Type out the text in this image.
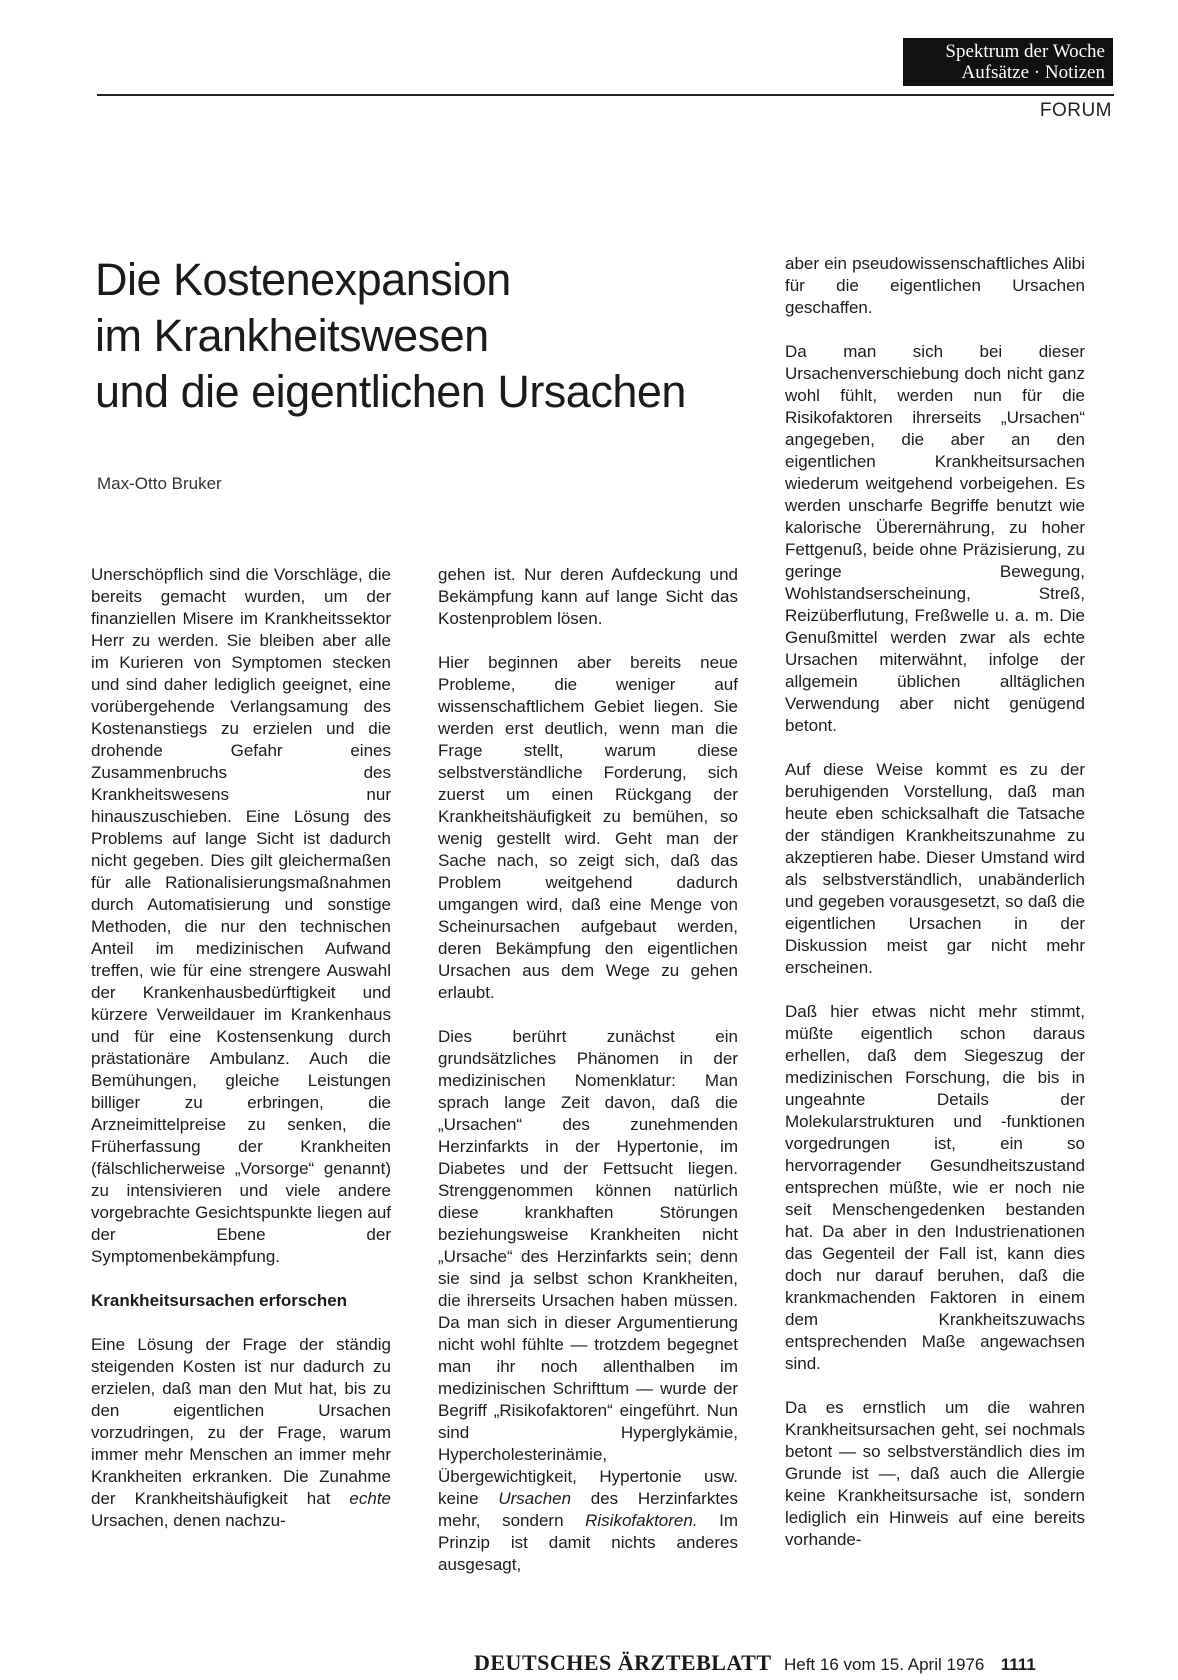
Spektrum der Woche
Aufsätze · Notizen
FORUM
Die Kostenexpansion
im Krankheitswesen
und die eigentlichen Ursachen
Max-Otto Bruker

Unerschöpflich sind die Vorschläge, die bereits gemacht wurden, um der finanziellen Misere im Krankheitssektor Herr zu werden. Sie bleiben aber alle im Kurieren von Symptomen stecken und sind daher lediglich geeignet, eine vorübergehende Verlangsamung des Kostenanstiegs zu erzielen und die drohende Gefahr eines Zusammenbruchs des Krankheitswesens nur hinauszuschieben. Eine Lösung des Problems auf lange Sicht ist dadurch nicht gegeben. Dies gilt gleichermaßen für alle Rationalisierungsmaßnahmen durch Automatisierung und sonstige Methoden, die nur den technischen Anteil im medizinischen Aufwand treffen, wie für eine strengere Auswahl der Krankenhausbedürftigkeit und kürzere Verweildauer im Krankenhaus und für eine Kostensenkung durch prästationäre Ambulanz. Auch die Bemühungen, gleiche Leistungen billiger zu erbringen, die Arzneimittelpreise zu senken, die Früherfassung der Krankheiten (fälschlicherweise „Vorsorge“ genannt) zu intensivieren und viele andere vorgebrachte Gesichtspunkte liegen auf der Ebene der Symptomenbekämpfung.

Krankheitsursachen erforschen

Eine Lösung der Frage der ständig steigenden Kosten ist nur dadurch zu erzielen, daß man den Mut hat, bis zu den eigentlichen Ursachen vorzudringen, zu der Frage, warum immer mehr Menschen an immer mehr Krankheiten erkranken. Die Zunahme der Krankheitshäufigkeit hat echte Ursachen, denen nachzu-

gehen ist. Nur deren Aufdeckung und Bekämpfung kann auf lange Sicht das Kostenproblem lösen.

Hier beginnen aber bereits neue Probleme, die weniger auf wissenschaftlichem Gebiet liegen. Sie werden erst deutlich, wenn man die Frage stellt, warum diese selbstverständliche Forderung, sich zuerst um einen Rückgang der Krankheitshäufigkeit zu bemühen, so wenig gestellt wird. Geht man der Sache nach, so zeigt sich, daß das Problem weitgehend dadurch umgangen wird, daß eine Menge von Scheinursachen aufgebaut werden, deren Bekämpfung den eigentlichen Ursachen aus dem Wege zu gehen erlaubt.

Dies berührt zunächst ein grundsätzliches Phänomen in der medizinischen Nomenklatur: Man sprach lange Zeit davon, daß die „Ursachen“ des zunehmenden Herzinfarkts in der Hypertonie, im Diabetes und der Fettsucht liegen. Strenggenommen können natürlich diese krankhaften Störungen beziehungsweise Krankheiten nicht „Ursache“ des Herzinfarkts sein; denn sie sind ja selbst schon Krankheiten, die ihrerseits Ursachen haben müssen. Da man sich in dieser Argumentierung nicht wohl fühlte — trotzdem begegnet man ihr noch allenthalben im medizinischen Schrifttum — wurde der Begriff „Risikofaktoren“ eingeführt. Nun sind Hyperglykämie, Hypercholesterinämie, Übergewichtigkeit, Hypertonie usw. keine Ursachen des Herzinfarktes mehr, sondern Risikofaktoren. Im Prinzip ist damit nichts anderes ausgesagt,

aber ein pseudowissenschaftliches Alibi für die eigentlichen Ursachen geschaffen.

Da man sich bei dieser Ursachenverschiebung doch nicht ganz wohl fühlt, werden nun für die Risikofaktoren ihrerseits „Ursachen“ angegeben, die aber an den eigentlichen Krankheitsursachen wiederum weitgehend vorbeigehen. Es werden unscharfe Begriffe benutzt wie kalorische Überernährung, zu hoher Fettgenuß, beide ohne Präzisierung, zu geringe Bewegung, Wohlstandserscheinung, Streß, Reizüberflutung, Freßwelle u. a. m. Die Genußmittel werden zwar als echte Ursachen miterwähnt, infolge der allgemein üblichen alltäglichen Verwendung aber nicht genügend betont.

Auf diese Weise kommt es zu der beruhigenden Vorstellung, daß man heute eben schicksalhaft die Tatsache der ständigen Krankheitszunahme zu akzeptieren habe. Dieser Umstand wird als selbstverständlich, unabänderlich und gegeben vorausgesetzt, so daß die eigentlichen Ursachen in der Diskussion meist gar nicht mehr erscheinen.

Daß hier etwas nicht mehr stimmt, müßte eigentlich schon daraus erhellen, daß dem Siegeszug der medizinischen Forschung, die bis in ungeahnte Details der Molekularstrukturen und -funktionen vorgedrungen ist, ein so hervorragender Gesundheitszustand entsprechen müßte, wie er noch nie seit Menschengedenken bestanden hat. Da aber in den Industrienationen das Gegenteil der Fall ist, kann dies doch nur darauf beruhen, daß die krankmachenden Faktoren in einem dem Krankheitszuwachs entsprechenden Maße angewachsen sind.

Da es ernstlich um die wahren Krankheitsursachen geht, sei nochmals betont — so selbstverständlich dies im Grunde ist —, daß auch die Allergie keine Krankheitsursache ist, sondern lediglich ein Hinweis auf eine bereits vorhande-

DEUTSCHES ÄRZTEBLATT Heft 16 vom 15. April 1976 1111
